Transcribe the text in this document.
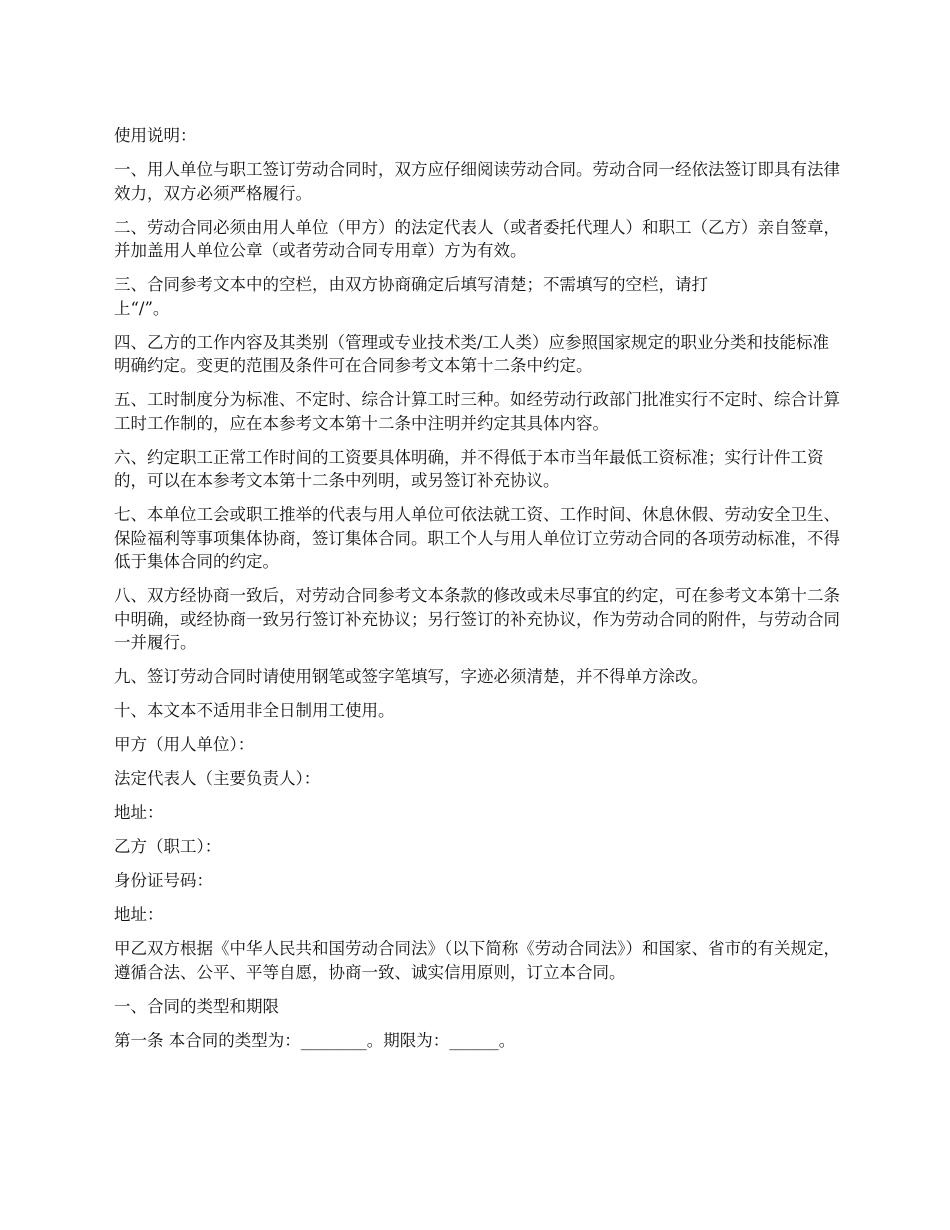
使用说明：

一、用人单位与职工签订劳动合同时，双方应仔细阅读劳动合同。劳动合同一经依法签订即具有法律效力，双方必须严格履行。

二、劳动合同必须由用人单位（甲方）的法定代表人（或者委托代理人）和职工（乙方）亲自签章，并加盖用人单位公章（或者劳动合同专用章）方为有效。

三、合同参考文本中的空栏，由双方协商确定后填写清楚；不需填写的空栏，请打
上“/”。

四、乙方的工作内容及其类别（管理或专业技术类/工人类）应参照国家规定的职业分类和技能标准明确约定。变更的范围及条件可在合同参考文本第十二条中约定。

五、工时制度分为标准、不定时、综合计算工时三种。如经劳动行政部门批准实行不定时、综合计算工时工作制的，应在本参考文本第十二条中注明并约定其具体内容。

六、约定职工正常工作时间的工资要具体明确，并不得低于本市当年最低工资标准；实行计件工资的，可以在本参考文本第十二条中列明，或另签订补充协议。

七、本单位工会或职工推举的代表与用人单位可依法就工资、工作时间、休息休假、劳动安全卫生、保险福利等事项集体协商，签订集体合同。职工个人与用人单位订立劳动合同的各项劳动标准，不得低于集体合同的约定。

八、双方经协商一致后，对劳动合同参考文本条款的修改或未尽事宜的约定，可在参考文本第十二条中明确，或经协商一致另行签订补充协议；另行签订的补充协议，作为劳动合同的附件，与劳动合同一并履行。

九、签订劳动合同时请使用钢笔或签字笔填写，字迹必须清楚，并不得单方涂改。

十、本文本不适用非全日制用工使用。

甲方（用人单位）：

法定代表人（主要负责人）：

地址：

乙方（职工）：

身份证号码：

地址：

甲乙双方根据《中华人民共和国劳动合同法》（以下简称《劳动合同法》）和国家、省市的有关规定，遵循合法、公平、平等自愿，协商一致、诚实信用原则，订立本合同。

一、合同的类型和期限

第一条 本合同的类型为：________。期限为：______。
